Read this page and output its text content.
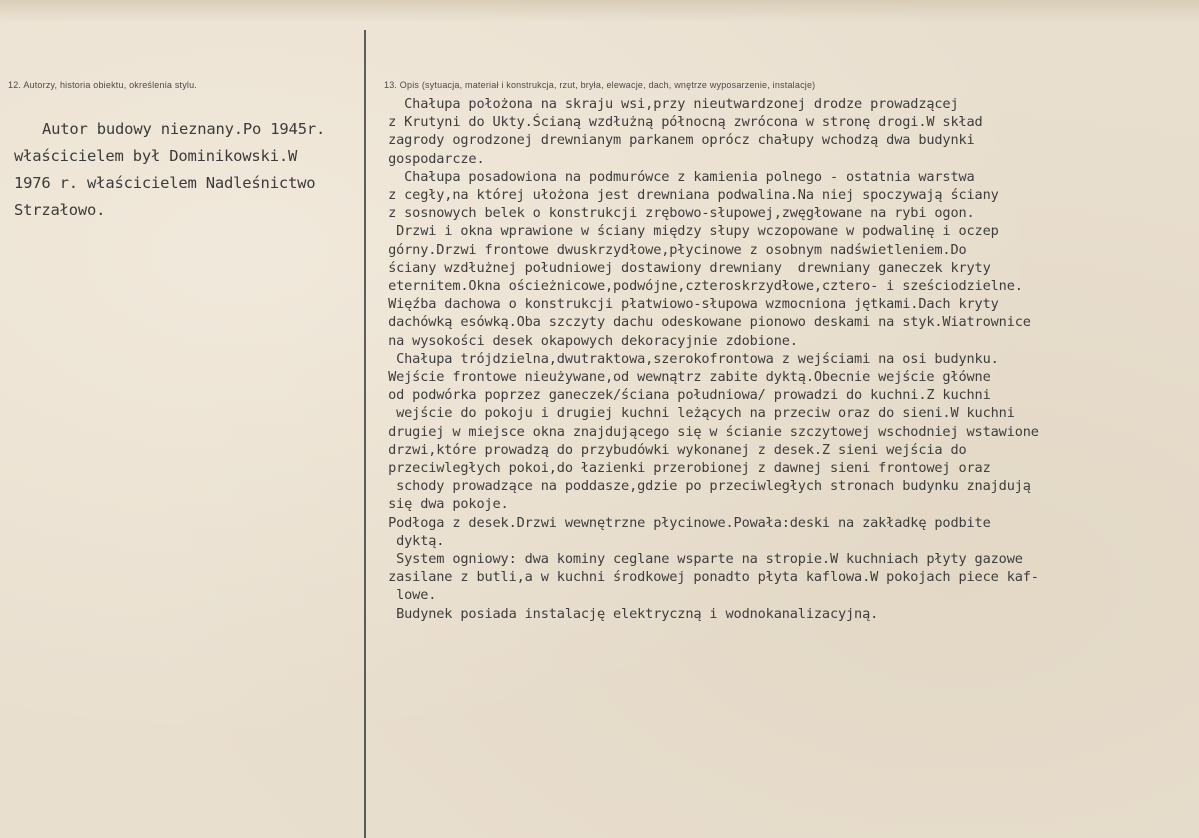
12. Autorzy, historia obiektu, określenia stylu.	13. Opis (sytuacja, materiał i konstrukcja, rzut, bryła, elewacje, dach, wnętrze wyposarzenie, instalacje)
Autor budowy nieznany.Po 1945r.
właścicielem był Dominikowski.W
1976 r. właścicielem Nadleśnictwo
Strzałowo.
Chałupa położona na skraju wsi,przy nieutwardzonej drodze prowadzącej
z Krutyni do Ukty.Ścianą wzdłużną północną zwrócona w stronę drogi.W skład
zagrody ogrodzonej drewnianym parkanem oprócz chałupy wchodzą dwa budynki
gospodarcze.
Chałupa posadowiona na podmurówce z kamienia polnego - ostatnia warstwa
z cegły,na której ułożona jest drewniana podwalina.Na niej spoczywają ściany
z sosnowych belek o konstrukcji zrębowo-słupowej,zwęgłowane na rybi ogon.
Drzwi i okna wprawione w ściany między słupy wczopowane w podwalinę i oczep
górny.Drzwi frontowe dwuskrzydłowe,płycinowe z osobnym nadświetleniem.Do
ściany wzdłużnej południowej dostawiony drewniany  drewniany ganeczek kryty
eternitem.Okna ościeżnicowe,podwójne,czteroskrzydłowe,cztero- i sześciodzielne.
Więźba dachowa o konstrukcji płatwiowo-słupowa wzmocniona jętkami.Dach kryty
dachówką esówką.Oba szczyty dachu odeskowane pionowo deskami na styk.Wiatrownice
na wysokości desek okapowych dekoracyjnie zdobione.
Chałupa trójdzielna,dwutraktowa,szerokofrontowa z wejściami na osi budynku.
Wejście frontowe nieużywane,od wewnątrz zabite dyktą.Obecnie wejście główne
od podwórka poprzez ganeczek/ściana południowa/ prowadzi do kuchni.Z kuchni
wejście do pokoju i drugiej kuchni leżących na przeciw oraz do sieni.W kuchni
drugiej w miejsce okna znajdującego się w ścianie szczytowej wschodniej wstawione
drzwi,które prowadzą do przybudówki wykonanej z desek.Z sieni wejścia do
przeciwległych pokoi,do łazienki przerobionej z dawnej sieni frontowej oraz
schody prowadzące na poddasze,gdzie po przeciwległych stronach budynku znajdują
się dwa pokoje.
Podłoga z desek.Drzwi wewnętrzne płycinowe.Powała:deski na zakładkę podbite
dyktą.
System ogniowy: dwa kominy ceglane wsparte na stropie.W kuchniach płyty gazowe
zasilane z butli,a w kuchni środkowej ponadto płyta kaflowa.W pokojach piece kaf-
lowe.
Budynek posiada instalację elektryczną i wodnokanalizacyjną.
